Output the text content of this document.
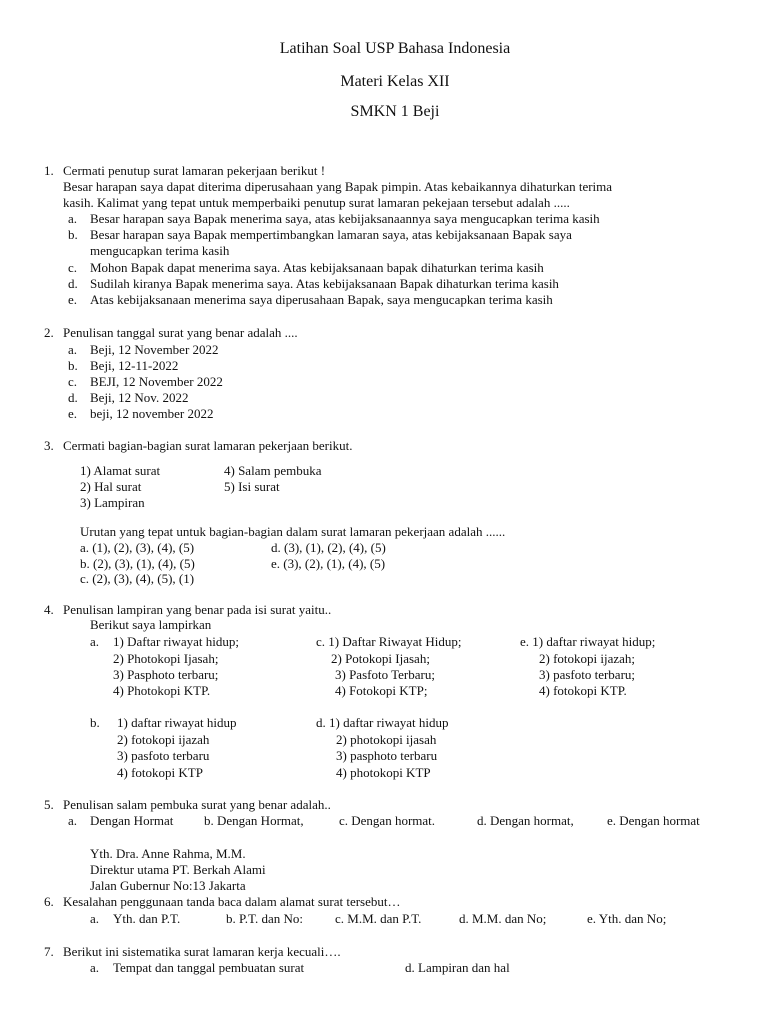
Latihan Soal USP Bahasa Indonesia
Materi Kelas XII
SMKN 1 Beji
1. Cermati penutup surat lamaran pekerjaan berikut !
Besar harapan saya dapat diterima diperusahaan yang Bapak pimpin. Atas kebaikannya dihaturkan terima
kasih. Kalimat yang tepat untuk memperbaiki penutup surat lamaran pekejaan tersebut adalah .....
a. Besar harapan saya Bapak menerima saya, atas kebijaksanaannya saya mengucapkan terima kasih
b. Besar harapan saya Bapak mempertimbangkan lamaran saya, atas kebijaksanaan Bapak saya
mengucapkan terima kasih
c. Mohon Bapak dapat menerima saya. Atas kebijaksanaan bapak dihaturkan terima kasih
d. Sudilah kiranya Bapak menerima saya. Atas kebijaksanaan Bapak dihaturkan terima kasih
e. Atas kebijaksanaan menerima saya diperusahaan Bapak, saya mengucapkan terima kasih
2. Penulisan tanggal surat yang benar adalah ....
a. Beji, 12 November 2022
b. Beji, 12-11-2022
c. BEJI, 12 November 2022
d. Beji, 12 Nov. 2022
e. beji, 12 november 2022
3. Cermati bagian-bagian surat lamaran pekerjaan berikut.
1) Alamat surat	4) Salam pembuka
2) Hal surat	5) Isi surat
3) Lampiran
Urutan yang tepat untuk bagian-bagian dalam surat lamaran pekerjaan adalah ......
a. (1), (2), (3), (4), (5)	d. (3), (1), (2), (4), (5)
b. (2), (3), (1), (4), (5)	e. (3), (2), (1), (4), (5)
c. (2), (3), (4), (5), (1)
4. Penulisan lampiran yang benar pada isi surat yaitu..
Berikut saya lampirkan
a. 1) Daftar riwayat hidup;
2) Photokopi Ijasah;
3) Pasphoto terbaru;
4) Photokopi KTP.
c. 1) Daftar Riwayat Hidup;
2) Potokopi Ijasah;
3) Pasfoto Terbaru;
4) Fotokopi KTP;
e. 1) daftar riwayat hidup;
2) fotokopi ijazah;
3) pasfoto terbaru;
4) fotokopi KTP.
b. 1) daftar riwayat hidup
2) fotokopi ijazah
3) pasfoto terbaru
4) fotokopi KTP
d. 1) daftar riwayat hidup
2) photokopi ijasah
3) pasphoto terbaru
4) photokopi KTP
5. Penulisan salam pembuka surat yang benar adalah..
a. Dengan Hormat b. Dengan Hormat,	c. Dengan hormat.	d. Dengan hormat,	e. Dengan hormat
Yth. Dra. Anne Rahma, M.M.
Direktur utama PT. Berkah Alami
Jalan Gubernur No:13 Jakarta
6. Kesalahan penggunaan tanda baca dalam alamat surat tersebut…
a. Yth. dan P.T.	b. P.T. dan No: c. M.M. dan P.T.	d. M.M. dan No;	e. Yth. dan No;
7. Berikut ini sistematika surat lamaran kerja kecuali….
a. Tempat dan tanggal pembuatan surat	d. Lampiran dan hal
